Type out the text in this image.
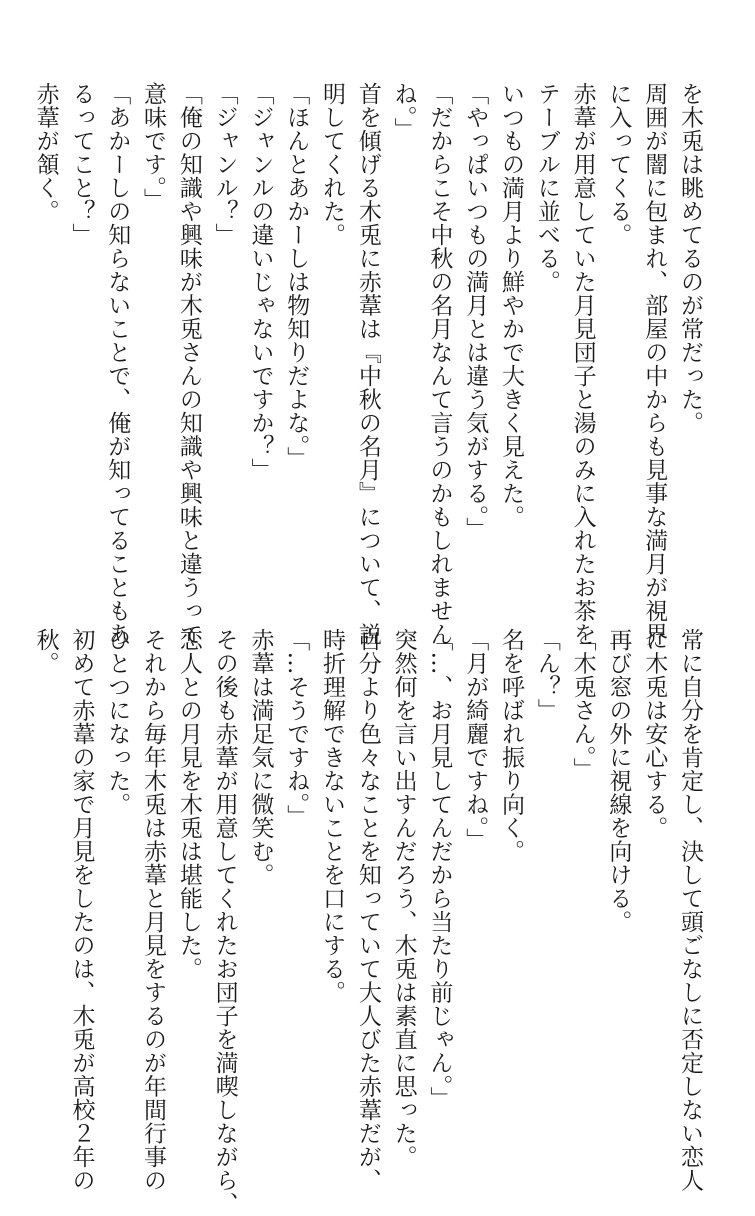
を木兎は眺めてるのが常だった。
周囲が闇に包まれ、部屋の中からも見事な満月が視界
に入ってくる。
赤葦が用意していた月見団子と湯のみに入れたお茶を
テーブルに並べる。
いつもの満月より鮮やかで大きく見えた。
「やっぱいつもの満月とは違う気がする。」
「だからこそ中秋の名月なんて言うのかもしれません
ね。」
首を傾げる木兎に赤葦は『中秋の名月』について、説
明してくれた。
「ほんとあかーしは物知りだよな。」
「ジャンルの違いじゃないですか？」
「ジャンル？」
「俺の知識や興味が木兎さんの知識や興味と違うって
意味です。」
「あかーしの知らないことで、俺が知ってることもあ
るってこと？」
赤葦が頷く。
常に自分を肯定し、決して頭ごなしに否定しない恋人
に木兎は安心する。
再び窓の外に視線を向ける。
「木兎さん。」
「ん？」
名を呼ばれ振り向く。
「月が綺麗ですね。」
「…、お月見してんだから当たり前じゃん。」
突然何を言い出すんだろう、木兎は素直に思った。
自分より色々なことを知っていて大人びた赤葦だが、
時折理解できないことを口にする。
「…そうですね。」
赤葦は満足気に微笑む。
その後も赤葦が用意してくれたお団子を満喫しながら、
恋人との月見を木兎は堪能した。
それから毎年木兎は赤葦と月見をするのが年間行事の
ひとつになった。
初めて赤葦の家で月見をしたのは、木兎が高校２年の
秋。
